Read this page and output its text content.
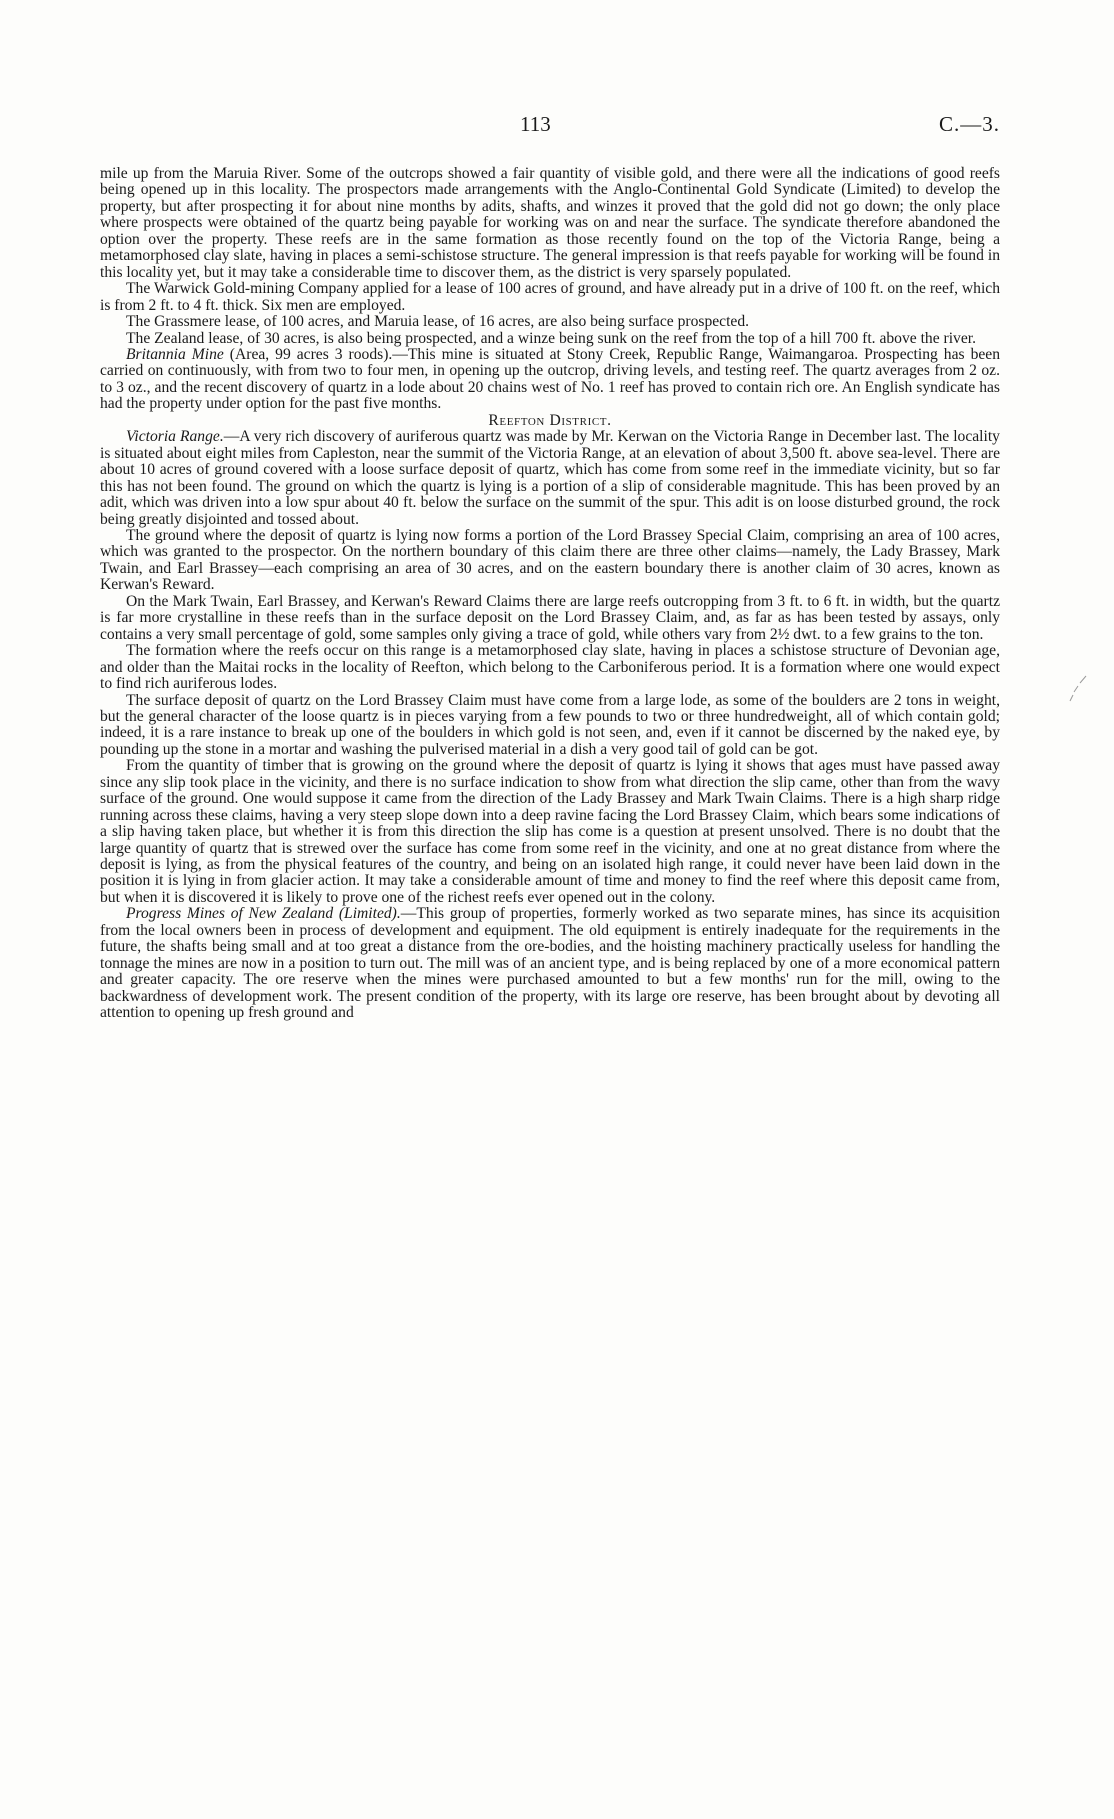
113	C.—3.

mile up from the Maruia River. Some of the outcrops showed a fair quantity of visible gold, and there were all the indications of good reefs being opened up in this locality. The prospectors made arrangements with the Anglo-Continental Gold Syndicate (Limited) to develop the property, but after prospecting it for about nine months by adits, shafts, and winzes it proved that the gold did not go down; the only place where prospects were obtained of the quartz being payable for working was on and near the surface. The syndicate therefore abandoned the option over the property. These reefs are in the same formation as those recently found on the top of the Victoria Range, being a metamorphosed clay slate, having in places a semi-schistose structure. The general impression is that reefs payable for working will be found in this locality yet, but it may take a considerable time to discover them, as the district is very sparsely populated.

The Warwick Gold-mining Company applied for a lease of 100 acres of ground, and have already put in a drive of 100 ft. on the reef, which is from 2 ft. to 4 ft. thick. Six men are employed.

The Grassmere lease, of 100 acres, and Maruia lease, of 16 acres, are also being surface prospected.

The Zealand lease, of 30 acres, is also being prospected, and a winze being sunk on the reef from the top of a hill 700 ft. above the river.

Britannia Mine (Area, 99 acres 3 roods).—This mine is situated at Stony Creek, Republic Range, Waimangaroa. Prospecting has been carried on continuously, with from two to four men, in opening up the outcrop, driving levels, and testing reef. The quartz averages from 2 oz. to 3 oz., and the recent discovery of quartz in a lode about 20 chains west of No. 1 reef has proved to contain rich ore. An English syndicate has had the property under option for the past five months.

Reefton District.

Victoria Range.—A very rich discovery of auriferous quartz was made by Mr. Kerwan on the Victoria Range in December last. The locality is situated about eight miles from Capleston, near the summit of the Victoria Range, at an elevation of about 3,500 ft. above sea-level. There are about 10 acres of ground covered with a loose surface deposit of quartz, which has come from some reef in the immediate vicinity, but so far this has not been found. The ground on which the quartz is lying is a portion of a slip of considerable magnitude. This has been proved by an adit, which was driven into a low spur about 40 ft. below the surface on the summit of the spur. This adit is on loose disturbed ground, the rock being greatly disjointed and tossed about.

The ground where the deposit of quartz is lying now forms a portion of the Lord Brassey Special Claim, comprising an area of 100 acres, which was granted to the prospector. On the northern boundary of this claim there are three other claims—namely, the Lady Brassey, Mark Twain, and Earl Brassey—each comprising an area of 30 acres, and on the eastern boundary there is another claim of 30 acres, known as Kerwan's Reward.

On the Mark Twain, Earl Brassey, and Kerwan's Reward Claims there are large reefs outcropping from 3 ft. to 6 ft. in width, but the quartz is far more crystalline in these reefs than in the surface deposit on the Lord Brassey Claim, and, as far as has been tested by assays, only contains a very small percentage of gold, some samples only giving a trace of gold, while others vary from 2½ dwt. to a few grains to the ton.

The formation where the reefs occur on this range is a metamorphosed clay slate, having in places a schistose structure of Devonian age, and older than the Maitai rocks in the locality of Reefton, which belong to the Carboniferous period. It is a formation where one would expect to find rich auriferous lodes.

The surface deposit of quartz on the Lord Brassey Claim must have come from a large lode, as some of the boulders are 2 tons in weight, but the general character of the loose quartz is in pieces varying from a few pounds to two or three hundredweight, all of which contain gold; indeed, it is a rare instance to break up one of the boulders in which gold is not seen, and, even if it cannot be discerned by the naked eye, by pounding up the stone in a mortar and washing the pulverised material in a dish a very good tail of gold can be got.

From the quantity of timber that is growing on the ground where the deposit of quartz is lying it shows that ages must have passed away since any slip took place in the vicinity, and there is no surface indication to show from what direction the slip came, other than from the wavy surface of the ground. One would suppose it came from the direction of the Lady Brassey and Mark Twain Claims. There is a high sharp ridge running across these claims, having a very steep slope down into a deep ravine facing the Lord Brassey Claim, which bears some indications of a slip having taken place, but whether it is from this direction the slip has come is a question at present unsolved. There is no doubt that the large quantity of quartz that is strewed over the surface has come from some reef in the vicinity, and one at no great distance from where the deposit is lying, as from the physical features of the country, and being on an isolated high range, it could never have been laid down in the position it is lying in from glacier action. It may take a considerable amount of time and money to find the reef where this deposit came from, but when it is discovered it is likely to prove one of the richest reefs ever opened out in the colony.

Progress Mines of New Zealand (Limited).—This group of properties, formerly worked as two separate mines, has since its acquisition from the local owners been in process of development and equipment. The old equipment is entirely inadequate for the requirements in the future, the shafts being small and at too great a distance from the ore-bodies, and the hoisting machinery practically useless for handling the tonnage the mines are now in a position to turn out. The mill was of an ancient type, and is being replaced by one of a more economical pattern and greater capacity. The ore reserve when the mines were purchased amounted to but a few months' run for the mill, owing to the backwardness of development work. The present condition of the property, with its large ore reserve, has been brought about by devoting all attention to opening up fresh ground and
